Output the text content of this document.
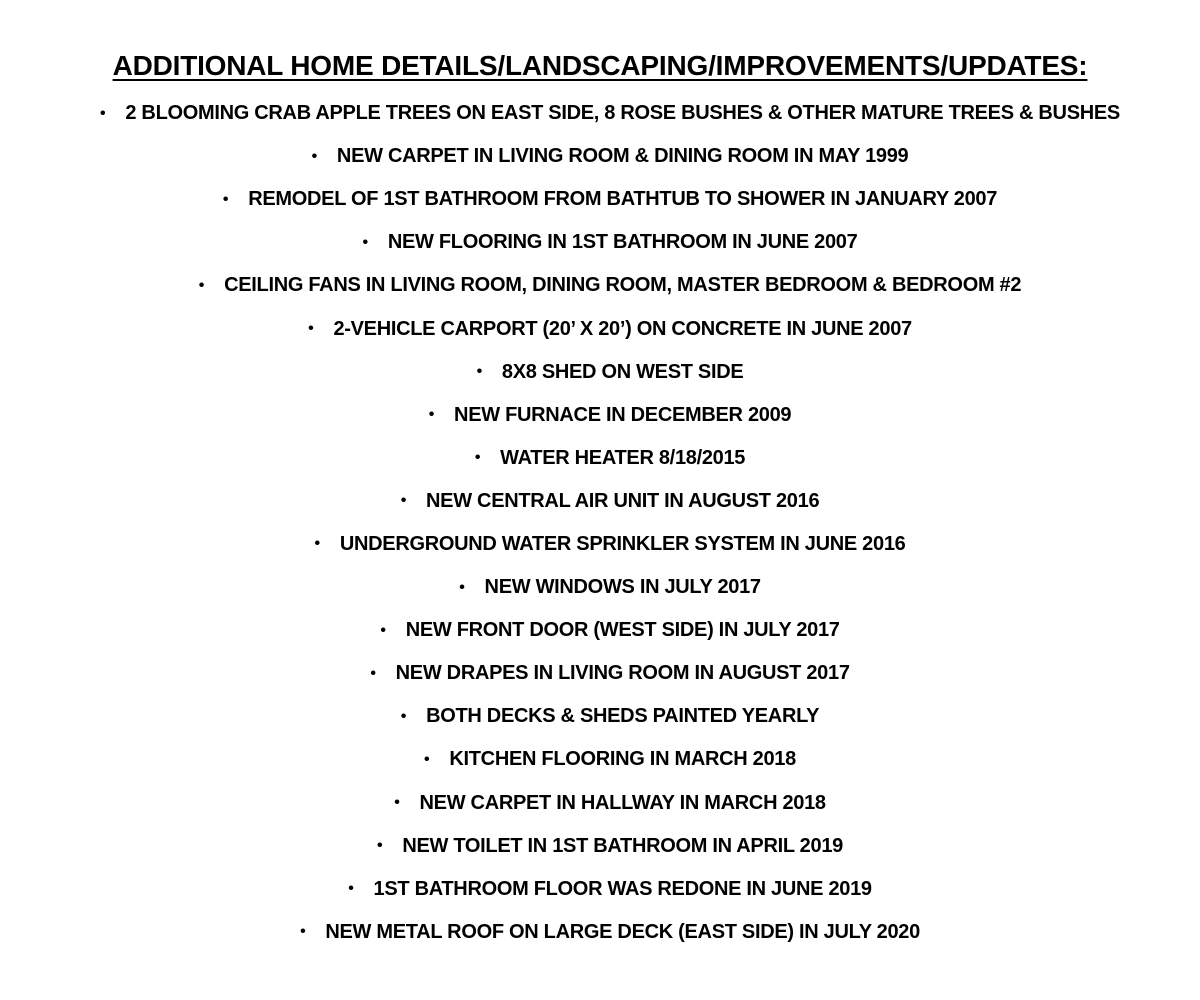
ADDITIONAL HOME DETAILS/LANDSCAPING/IMPROVEMENTS/UPDATES:
• 2 BLOOMING CRAB APPLE TREES ON EAST SIDE, 8 ROSE BUSHES & OTHER MATURE TREES & BUSHES
• NEW CARPET IN LIVING ROOM & DINING ROOM IN MAY 1999
• REMODEL OF 1ST BATHROOM FROM BATHTUB TO SHOWER IN JANUARY 2007
• NEW FLOORING IN 1ST BATHROOM IN JUNE 2007
• CEILING FANS IN LIVING ROOM, DINING ROOM, MASTER BEDROOM & BEDROOM #2
• 2-VEHICLE CARPORT (20’ X 20’) ON CONCRETE IN JUNE 2007
• 8X8 SHED ON WEST SIDE
• NEW FURNACE IN DECEMBER 2009
• WATER HEATER 8/18/2015
• NEW CENTRAL AIR UNIT IN AUGUST 2016
• UNDERGROUND WATER SPRINKLER SYSTEM IN JUNE 2016
• NEW WINDOWS IN JULY 2017
• NEW FRONT DOOR (WEST SIDE) IN JULY 2017
• NEW DRAPES IN LIVING ROOM IN AUGUST 2017
• BOTH DECKS & SHEDS PAINTED YEARLY
• KITCHEN FLOORING IN MARCH 2018
• NEW CARPET IN HALLWAY IN MARCH 2018
• NEW TOILET IN 1ST BATHROOM IN APRIL 2019
• 1ST BATHROOM FLOOR WAS REDONE IN JUNE 2019
• NEW METAL ROOF ON LARGE DECK (EAST SIDE) IN JULY 2020
